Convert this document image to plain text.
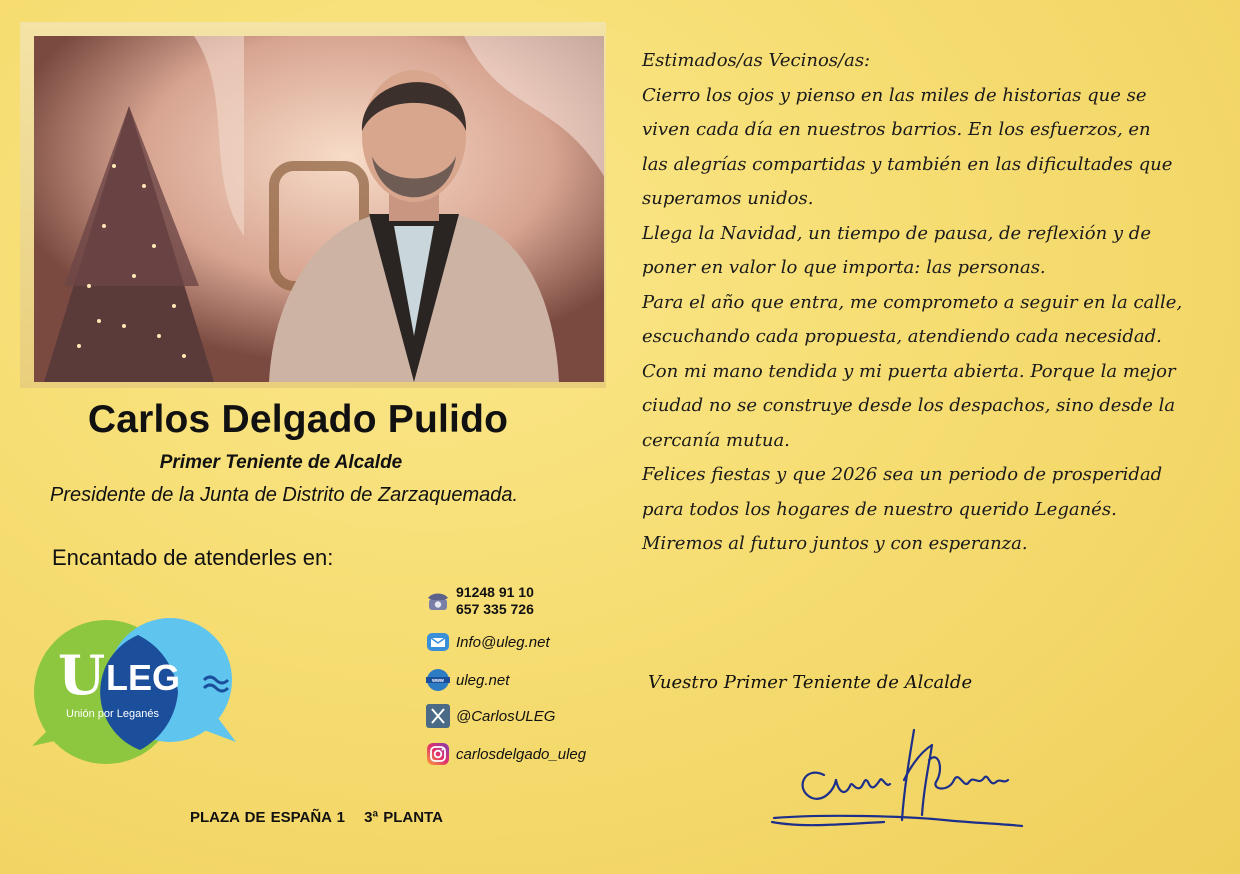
Carlos Delgado Pulido
Primer Teniente de Alcalde
Presidente de la Junta de Distrito de Zarzaquemada.
Encantado de atenderles en:
U LEG
Unión por Leganés
91248 91 10
657 335 726
Info@uleg.net
www uleg.net
@CarlosULEG
carlosdelgado_uleg
PLAZA DE ESPAÑA 1 3ª PLANTA

Estimados/as Vecinos/as:

Cierro los ojos y pienso en las miles de historias que se

viven cada día en nuestros barrios. En los esfuerzos, en

las alegrías compartidas y también en las dificultades que

superamos unidos.

Llega la Navidad, un tiempo de pausa, de reflexión y de

poner en valor lo que importa: las personas.

Para el año que entra, me comprometo a seguir en la calle,

escuchando cada propuesta, atendiendo cada necesidad.

Con mi mano tendida y mi puerta abierta. Porque la mejor

ciudad no se construye desde los despachos, sino desde la

cercanía mutua.

Felices fiestas y que 2026 sea un periodo de prosperidad

para todos los hogares de nuestro querido Leganés.

Miremos al futuro juntos y con esperanza.

Vuestro Primer Teniente de Alcalde
